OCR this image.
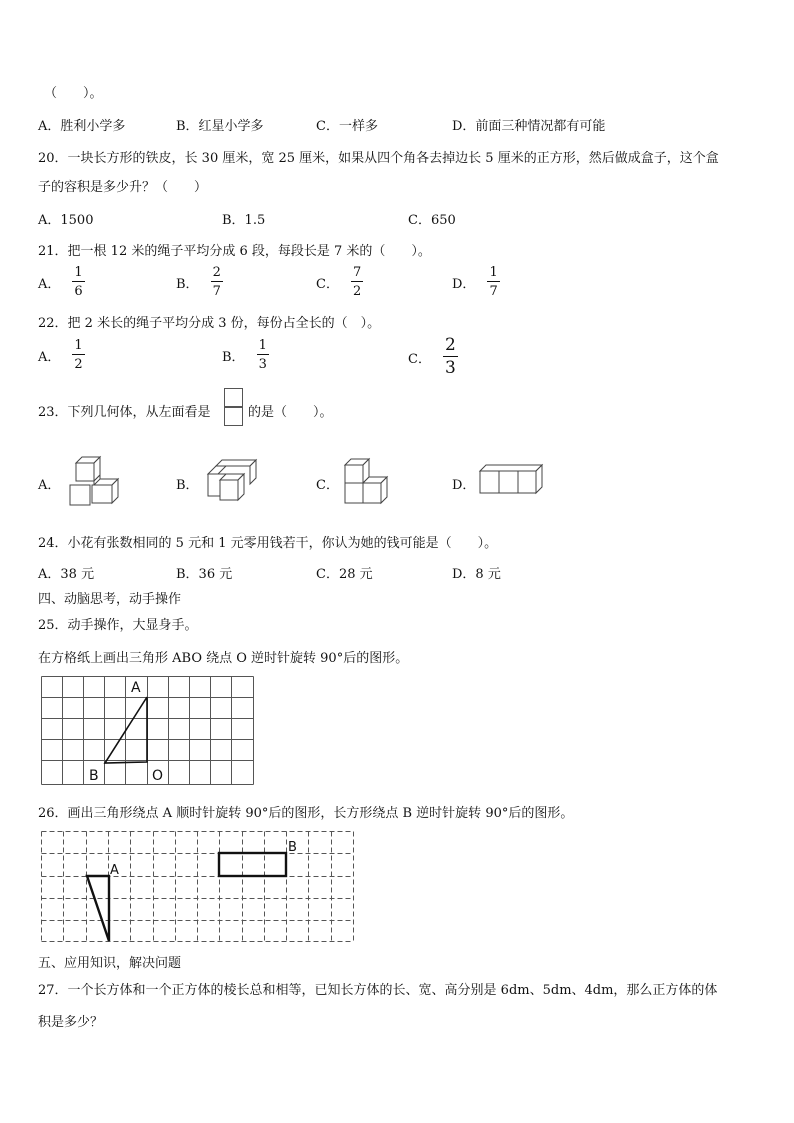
（　　）。
A．胜利小学多	B．红星小学多	C．一样多	D．前面三种情况都有可能
20．一块长方形的铁皮，长 30 厘米，宽 25 厘米，如果从四个角各去掉边长 5 厘米的正方形，然后做成盒子，这个盒
子的容积是多少升？（　　）
A．1500	B．1.5	C．650
21．把一根 12 米的绳子平均分成 6 段，每段长是 7 米的（　　）。
A． $\frac{1}{6}$	B． $\frac{2}{7}$	C． $\frac{7}{2}$	D． $\frac{1}{7}$
22．把 2 米长的绳子平均分成 3 份，每份占全长的（　）。
A． $\frac{1}{2}$	B． $\frac{1}{3}$	C． $\frac{2}{3}$
23．下列几何体，从左面看是	的是（　　）。
A．	B．	C．	D．
24．小花有张数相同的 5 元和 1 元零用钱若干，你认为她的钱可能是（　　）。
A．38 元	B．36 元	C．28 元	D．8 元
四、动脑思考，动手操作
25．动手操作，大显身手。
在方格纸上画出三角形 ABO 绕点 O 逆时针旋转 90°后的图形。
A
B	O
26．画出三角形绕点 A 顺时针旋转 90°后的图形，长方形绕点 B 逆时针旋转 90°后的图形。
A
B
五、应用知识，解决问题
27．一个长方体和一个正方体的棱长总和相等，已知长方体的长、宽、高分别是 6dm、5dm、4dm，那么正方体的体
积是多少？
